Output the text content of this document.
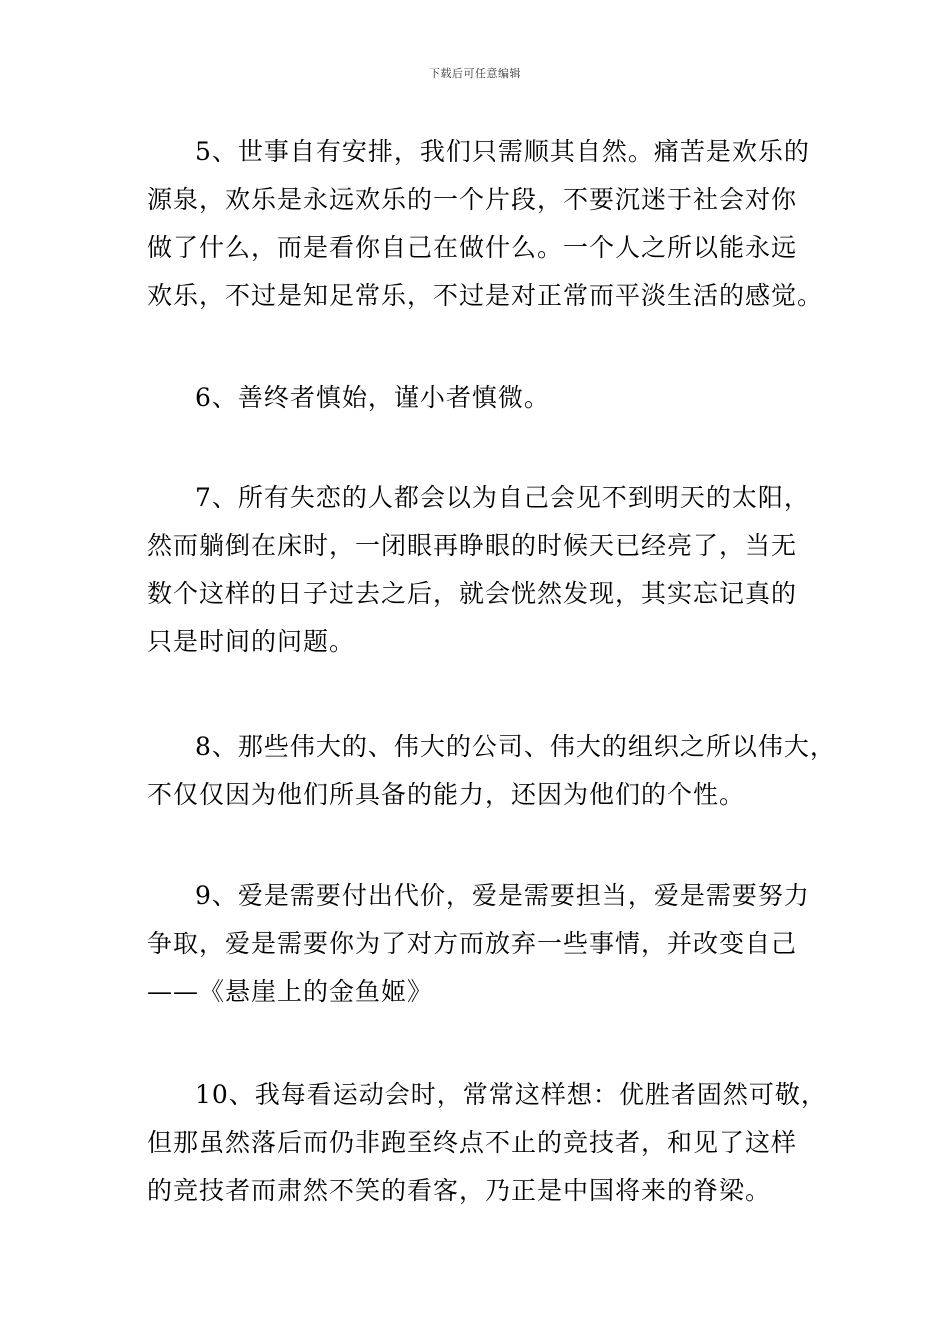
下载后可任意编辑
5、世事自有安排，我们只需顺其自然。痛苦是欢乐的
源泉，欢乐是永远欢乐的一个片段，不要沉迷于社会对你
做了什么，而是看你自己在做什么。一个人之所以能永远
欢乐，不过是知足常乐，不过是对正常而平淡生活的感觉。
6、善终者慎始，谨小者慎微。
7、所有失恋的人都会以为自己会见不到明天的太阳，
然而躺倒在床时，一闭眼再睁眼的时候天已经亮了，当无
数个这样的日子过去之后，就会恍然发现，其实忘记真的
只是时间的问题。
8、那些伟大的、伟大的公司、伟大的组织之所以伟大，
不仅仅因为他们所具备的能力，还因为他们的个性。
9、爱是需要付出代价，爱是需要担当，爱是需要努力
争取，爱是需要你为了对方而放弃一些事情，并改变自己
——《悬崖上的金鱼姬》
10、我每看运动会时，常常这样想：优胜者固然可敬，
但那虽然落后而仍非跑至终点不止的竞技者，和见了这样
的竞技者而肃然不笑的看客，乃正是中国将来的脊梁。
